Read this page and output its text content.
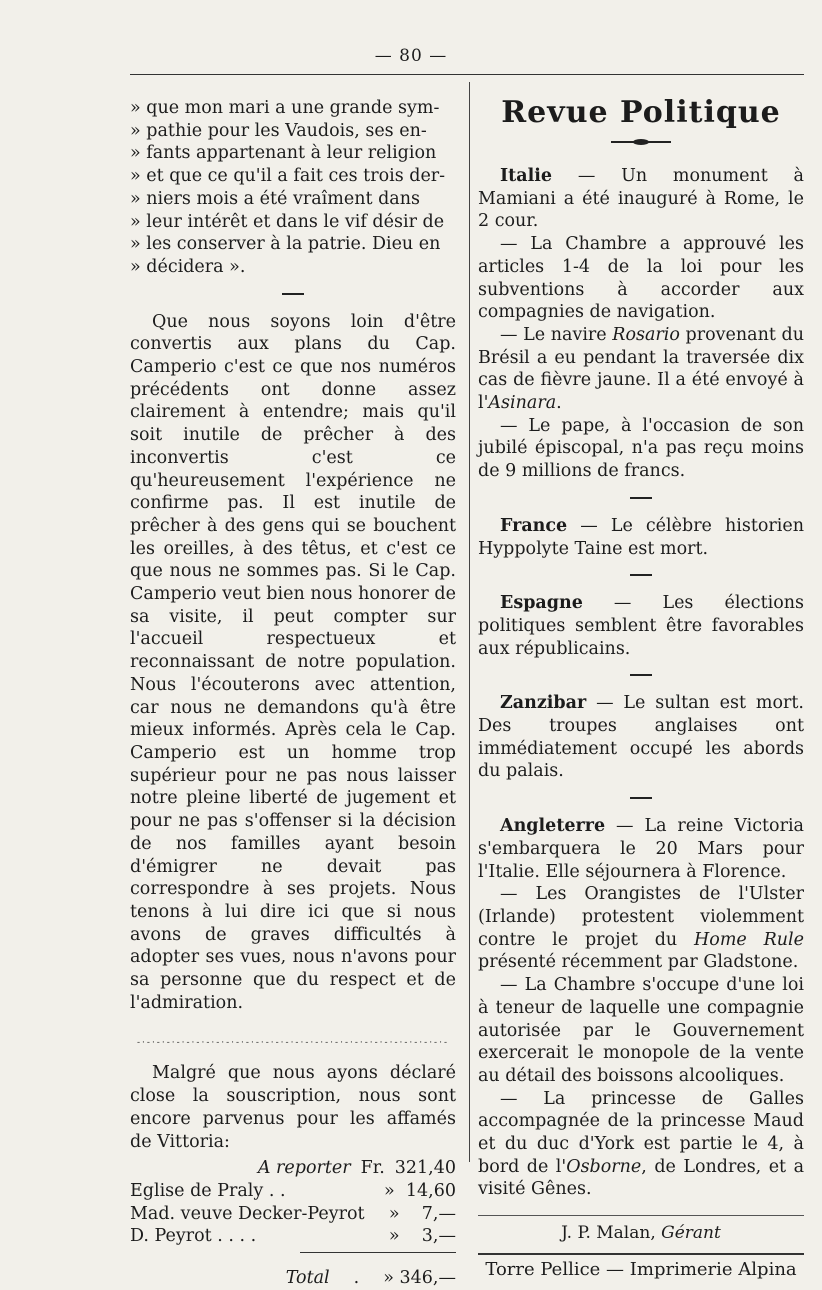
— 80 —

» que mon mari a une grande sym-

» pathie pour les Vaudois, ses en-

» fants appartenant à leur religion

» et que ce qu'il a fait ces trois der-

» niers mois a été vraîment dans

» leur intérêt et dans le vif désir de

» les conserver à la patrie. Dieu en

» décidera ».

Que nous soyons loin d'être convertis aux plans du Cap. Camperio c'est ce que nos numéros précédents ont donne assez clairement à entendre; mais qu'il soit inutile de prêcher à des inconvertis c'est ce qu'heureusement l'expérience ne confirme pas. Il est inutile de prêcher à des gens qui se bouchent les oreilles, à des têtus, et c'est ce que nous ne sommes pas. Si le Cap. Camperio veut bien nous honorer de sa visite, il peut compter sur l'accueil respectueux et reconnaissant de notre population. Nous l'écouterons avec attention, car nous ne demandons qu'à être mieux informés. Après cela le Cap. Camperio est un homme trop supérieur pour ne pas nous laisser notre pleine liberté de jugement et pour ne pas s'offenser si la décision de nos familles ayant besoin d'émigrer ne devait pas correspondre à ses projets. Nous tenons à lui dire ici que si nous avons de graves difficultés à adopter ses vues, nous n'avons pour sa personne que du respect et de l'admiration.

-·-·-·-·-·-·-·-·-·-·-·-·-·-·-·-·-·-·-·-·-·-·-·-·-·-·-·-·-·-·-·-

Malgré que nous ayons déclaré close la souscription, nous sont encore parvenus pour les affamés de Vittoria:

A reporter Fr. 321,40
Eglise de Praly . .	» 14,60
Mad. veuve Decker-Peyrot » 7,—
D. Peyrot . . . .	» 3,—
Total . » 346,—
Revue Politique

Italie — Un monument à Mamiani a été inauguré à Rome, le 2 cour.

— La Chambre a approuvé les articles 1-4 de la loi pour les subventions à accorder aux compagnies de navigation.

— Le navire Rosario provenant du Brésil a eu pendant la traversée dix cas de fièvre jaune. Il a été envoyé à l'Asinara.

— Le pape, à l'occasion de son jubilé épiscopal, n'a pas reçu moins de 9 millions de francs.

France — Le célèbre historien Hyppolyte Taine est mort.

Espagne — Les élections politiques semblent être favorables aux républicains.

Zanzibar — Le sultan est mort. Des troupes anglaises ont immédiatement occupé les abords du palais.

Angleterre — La reine Victoria s'embarquera le 20 Mars pour l'Italie. Elle séjournera à Florence.

— Les Orangistes de l'Ulster (Irlande) protestent violemment contre le projet du Home Rule présenté récemment par Gladstone.

— La Chambre s'occupe d'une loi à teneur de laquelle une compagnie autorisée par le Gouvernement exercerait le monopole de la vente au détail des boissons alcooliques.

— La princesse de Galles accompagnée de la princesse Maud et du duc d'York est partie le 4, à bord de l'Osborne, de Londres, et a visité Gênes.

J. P. Malan, Gérant
Torre Pellice — Imprimerie Alpina
